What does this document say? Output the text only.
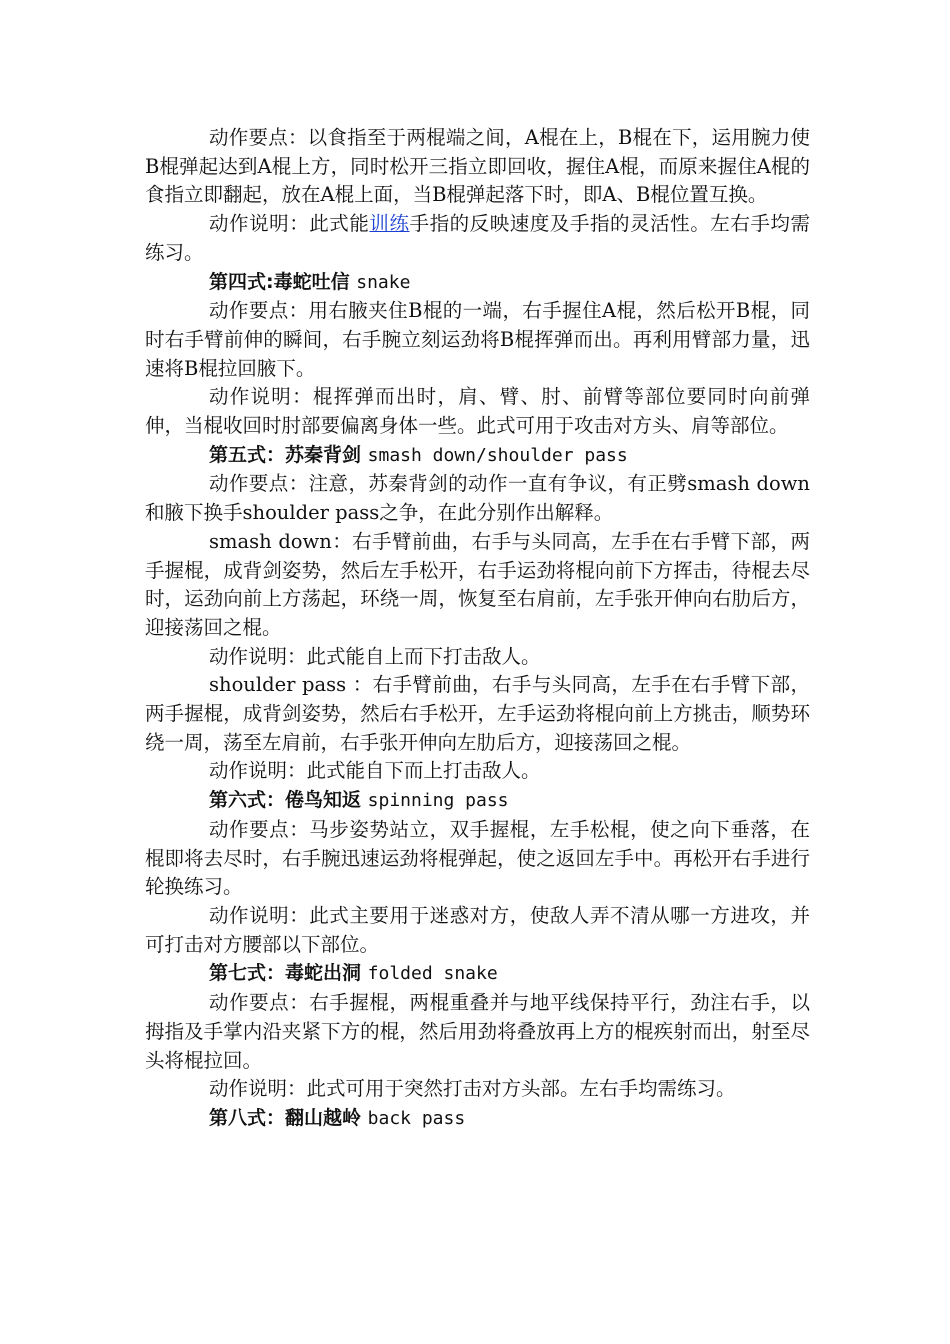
动作要点：以食指至于两棍端之间，A棍在上，B棍在下，运用腕力使B棍弹起达到A棍上方，同时松开三指立即回收，握住A棍，而原来握住A棍的食指立即翻起，放在A棍上面，当B棍弹起落下时，即A、B棍位置互换。

动作说明：此式能训练手指的反映速度及手指的灵活性。左右手均需练习。

第四式:毒蛇吐信 snake

动作要点：用右腋夹住B棍的一端，右手握住A棍，然后松开B棍，同时右手臂前伸的瞬间，右手腕立刻运劲将B棍挥弹而出。再利用臂部力量，迅速将B棍拉回腋下。

动作说明：棍挥弹而出时，肩、臂、肘、前臂等部位要同时向前弹伸，当棍收回时肘部要偏离身体一些。此式可用于攻击对方头、肩等部位。

第五式：苏秦背剑 smash down/shoulder pass

动作要点：注意，苏秦背剑的动作一直有争议，有正劈smash down和腋下换手shoulder pass之争，在此分别作出解释。

smash down：右手臂前曲，右手与头同高，左手在右手臂下部，两手握棍，成背剑姿势，然后左手松开，右手运劲将棍向前下方挥击，待棍去尽时，运劲向前上方荡起，环绕一周，恢复至右肩前，左手张开伸向右肋后方，迎接荡回之棍。

动作说明：此式能自上而下打击敌人。

shoulder pass ：右手臂前曲，右手与头同高，左手在右手臂下部，两手握棍，成背剑姿势，然后右手松开，左手运劲将棍向前上方挑击，顺势环绕一周，荡至左肩前，右手张开伸向左肋后方，迎接荡回之棍。

动作说明：此式能自下而上打击敌人。

第六式：倦鸟知返 spinning pass

动作要点：马步姿势站立，双手握棍，左手松棍，使之向下垂落，在棍即将去尽时，右手腕迅速运劲将棍弹起，使之返回左手中。再松开右手进行轮换练习。

动作说明：此式主要用于迷惑对方，使敌人弄不清从哪一方进攻，并可打击对方腰部以下部位。

第七式：毒蛇出洞 folded snake

动作要点：右手握棍，两棍重叠并与地平线保持平行，劲注右手，以拇指及手掌内沿夹紧下方的棍，然后用劲将叠放再上方的棍疾射而出，射至尽头将棍拉回。

动作说明：此式可用于突然打击对方头部。左右手均需练习。

第八式：翻山越岭 back pass
